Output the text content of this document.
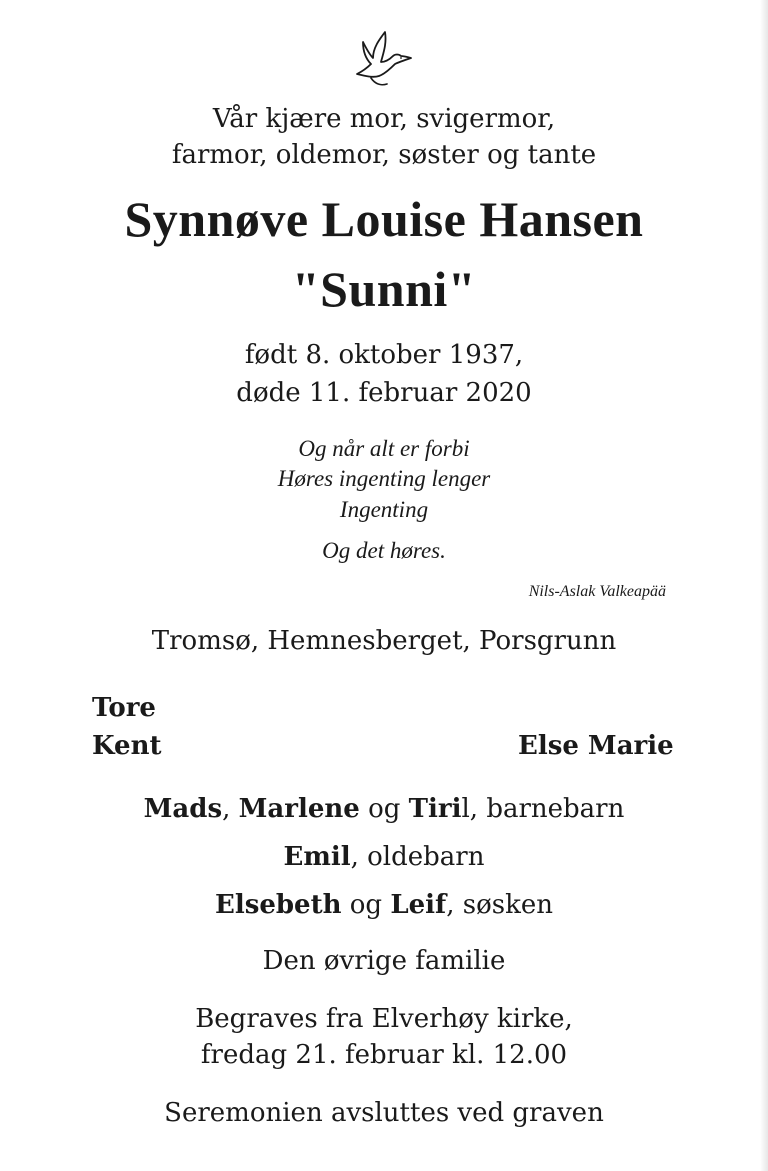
Vår kjære mor, svigermor,
farmor, oldemor, søster og tante
Synnøve Louise Hansen
"Sunni"
født 8. oktober 1937,
døde 11. februar 2020
Og når alt er forbi
Høres ingenting lenger
Ingenting
Og det høres.
Nils-Aslak Valkeapää
Tromsø, Hemnesberget, Porsgrunn
Tore
Kent	Else Marie
Mads, Marlene og Tiril, barnebarn
Emil, oldebarn
Elsebeth og Leif, søsken
Den øvrige familie
Begraves fra Elverhøy kirke,
fredag 21. februar kl. 12.00
Seremonien avsluttes ved graven
